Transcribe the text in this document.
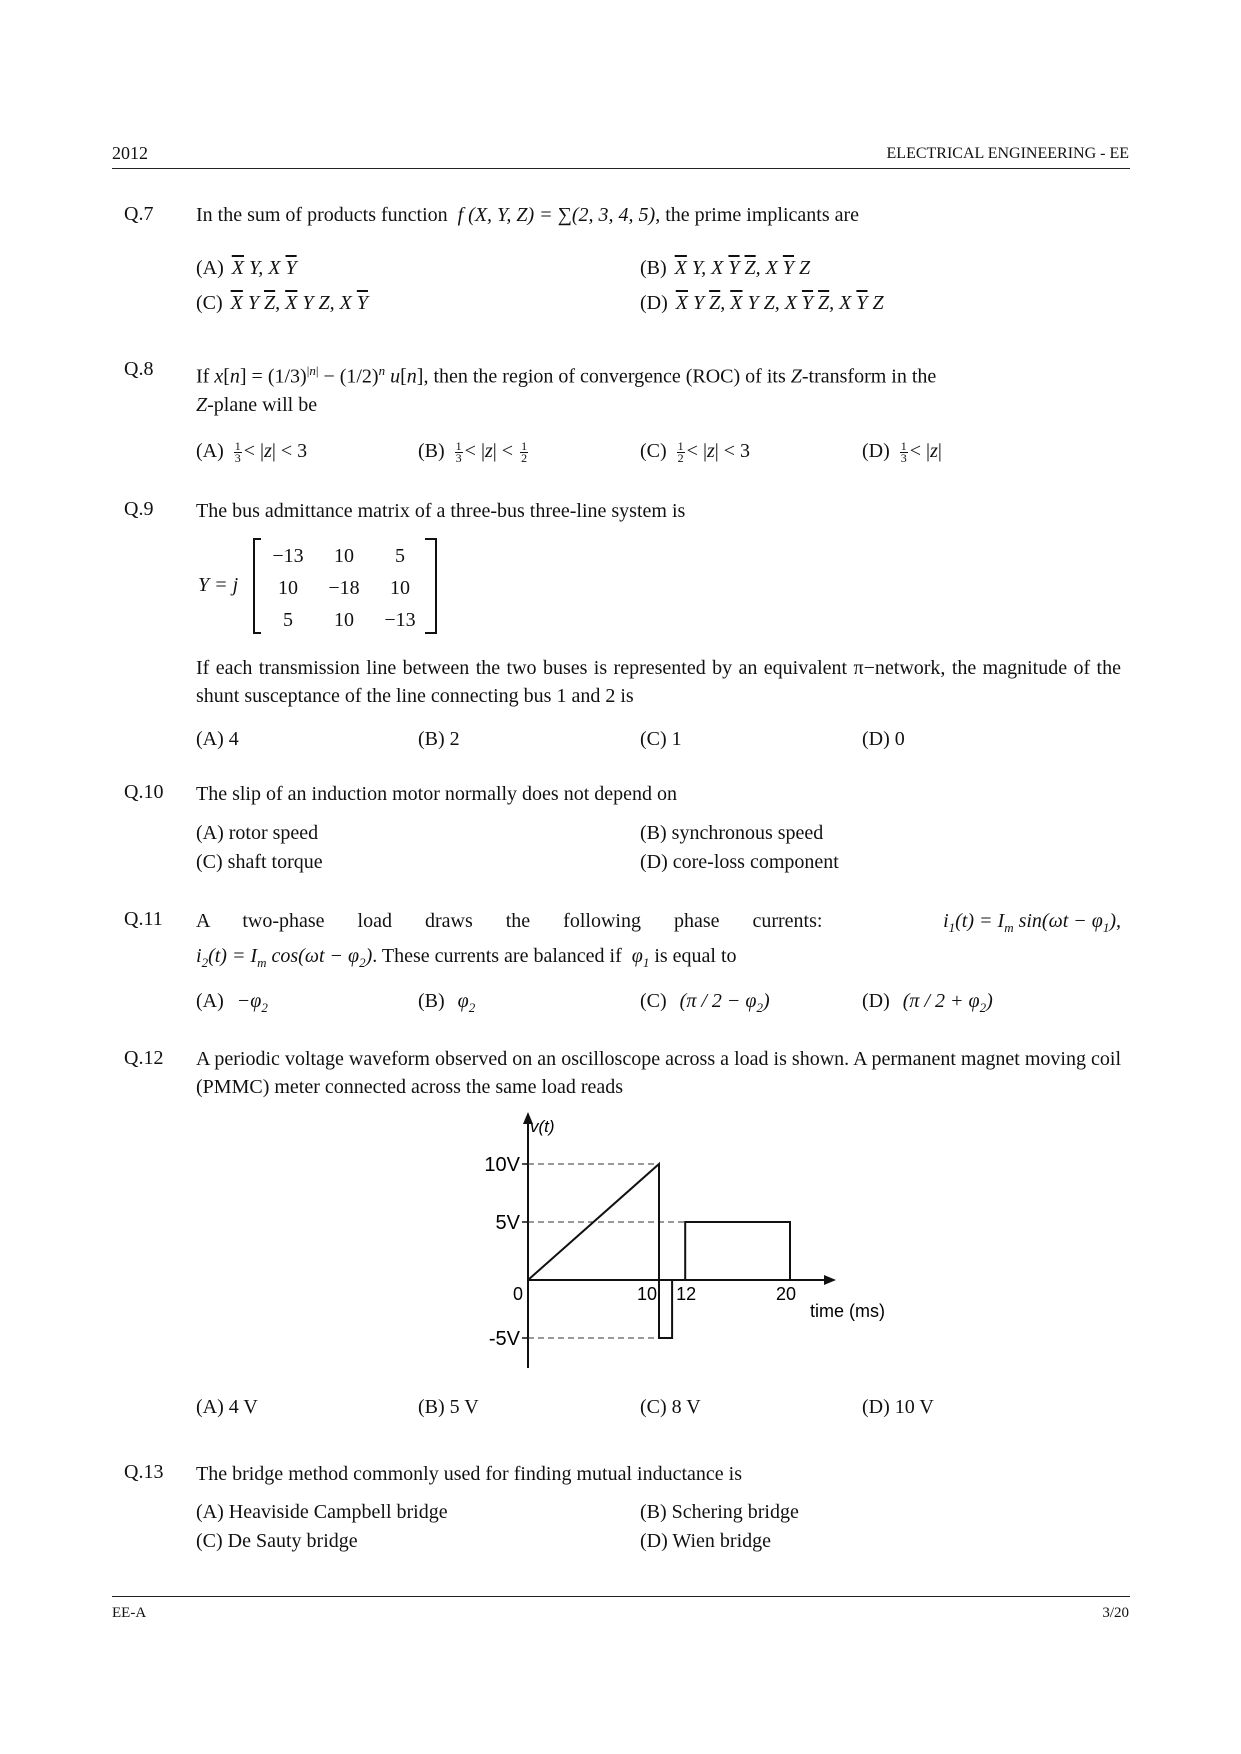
2012	ELECTRICAL ENGINEERING - EE
Q.7 In the sum of products function f (X, Y, Z) = ∑(2, 3, 4, 5), the prime implicants are
(A) $\overline{X}$ Y, X $\overline{Y}$	(B) $\overline{X}$ Y, X $\overline{Y}$ $\overline{Z}$, X $\overline{Y}$ Z
(C) $\overline{X}$ Y $\overline{Z}$, $\overline{X}$ Y Z, X $\overline{Y}$	(D) $\overline{X}$ Y $\overline{Z}$, $\overline{X}$ Y Z, X $\overline{Y}$ $\overline{Z}$, X $\overline{Y}$ Z
Q.8 If $x[n] = (1/3)^{|n|} - (1/2)^n$ u[n], then the region of convergence (ROC) of its Z-transform in the
Z-plane will be
$(A) \frac{1}{3} < |z| < 3$	$(B) \frac{1}{3} < |z| < \frac{1}{2}$	$(C) \frac{1}{2} < |z| < 3$	$(D) \frac{1}{3} < |z|$
Q.9 The bus admittance matrix of a three-bus three-line system is
Y = j
−13	10	5
10	−18	10
5	10	−13
If each transmission line between the two buses is represented by an equivalent π−network, the magnitude of the shunt susceptance of the line connecting bus 1 and 2 is
(A) 4	(B) 2	(C) 1	(D) 0
Q.10 The slip of an induction motor normally does not depend on
(A) rotor speed	(B) synchronous speed
(C) shaft torque	(D) core-loss component
Q.11 A two-phase load draws the following phase currents:	$i_1(t) = I_m$ $\sin(\omega t - \varphi_1)$,
$i_2(t) = I_m$ $\cos(\omega t - \varphi_2)$. These currents are balanced if $\varphi_1$ is equal to
$(A) -\varphi_2$	(B) $\varphi_2$	(C) $(\pi / 2 - \varphi_2)$	(D) $(\pi / 2 + \varphi_2)$
Q.12 A periodic voltage waveform observed on an oscilloscope across a load is shown. A permanent magnet moving coil (PMMC) meter connected across the same load reads
v(t)
time (ms)
10V
5V
-5V
0	10 12	20
(A) 4 V	(B) 5 V	(C) 8 V	(D) 10 V
Q.13 The bridge method commonly used for finding mutual inductance is
(A) Heaviside Campbell bridge	(B) Schering bridge
(C) De Sauty bridge	(D) Wien bridge
EE-A	3/20
